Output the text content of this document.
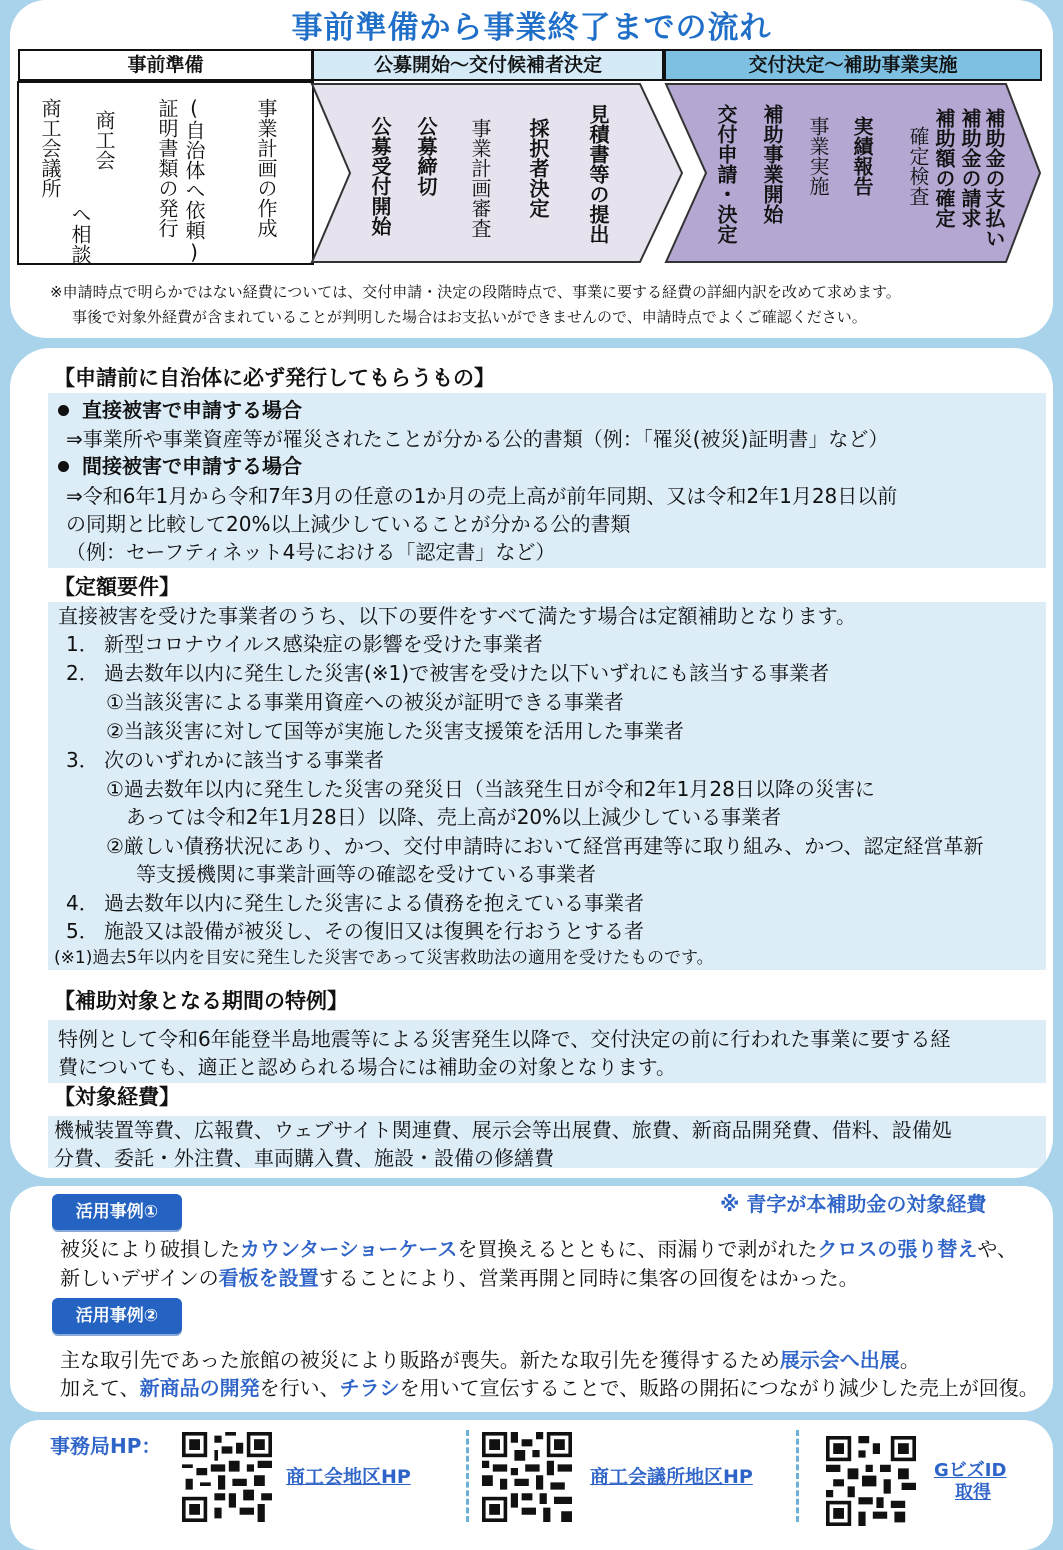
事前準備から事業終了までの流れ
事前準備	公募開始～交付候補者決定	交付決定～補助事業実施
商工会議所 商工会
へ相談	(自治体へ依頼)
証明書類の発行	事業計画の作成	公募受付開始 公募締切 事業計画審査 採択者決定 見積書等の提出	交付申請・決定 補助事業開始 事業実施 実績報告 確定検査 補助額の確定 補助金の請求 補助金の支払い
※申請時点で明らかではない経費については、交付申請・決定の段階時点で、事業に要する経費の詳細内訳を改めて求めます。
事後で対象外経費が含まれていることが判明した場合はお支払いができませんので、申請時点でよくご確認ください。
【申請前に自治体に必ず発行してもらうもの】
直接被害で申請する場合
⇒事業所や事業資産等が罹災されたことが分かる公的書類（例：「罹災(被災)証明書」など）
間接被害で申請する場合
⇒令和6年1月から令和7年3月の任意の1か月の売上高が前年同期、又は令和2年1月28日以前
の同期と比較して20%以上減少していることが分かる公的書類
（例：セーフティネット4号における「認定書」など）
【定額要件】
直接被害を受けた事業者のうち、以下の要件をすべて満たす場合は定額補助となります。
1． 新型コロナウイルス感染症の影響を受けた事業者
2． 過去数年以内に発生した災害(※1)で被害を受けた以下いずれにも該当する事業者
①当該災害による事業用資産への被災が証明できる事業者
②当該災害に対して国等が実施した災害支援策を活用した事業者
3． 次のいずれかに該当する事業者
①過去数年以内に発生した災害の発災日（当該発生日が令和2年1月28日以降の災害に
あっては令和2年1月28日）以降、売上高が20%以上減少している事業者
②厳しい債務状況にあり、かつ、交付申請時において経営再建等に取り組み、かつ、認定経営革新
等支援機関に事業計画等の確認を受けている事業者
4． 過去数年以内に発生した災害による債務を抱えている事業者
5． 施設又は設備が被災し、その復旧又は復興を行おうとする者
(※1)過去5年以内を目安に発生した災害であって災害救助法の適用を受けたものです。
【補助対象となる期間の特例】
特例として令和6年能登半島地震等による災害発生以降で、交付決定の前に行われた事業に要する経
費についても、適正と認められる場合には補助金の対象となります。
【対象経費】
機械装置等費、広報費、ウェブサイト関連費、展示会等出展費、旅費、新商品開発費、借料、設備処
分費、委託・外注費、車両購入費、施設・設備の修繕費
※ 青字が本補助金の対象経費
活用事例①
被災により破損したカウンターショーケースを買換えるとともに、雨漏りで剥がれたクロスの張り替えや、
新しいデザインの看板を設置することにより、営業再開と同時に集客の回復をはかった。
活用事例②
主な取引先であった旅館の被災により販路が喪失。新たな取引先を獲得するため展示会へ出展。
加えて、新商品の開発を行い、チラシを用いて宣伝することで、販路の開拓につながり減少した売上が回復。
事務局HP：
商工会地区HP	商工会議所地区HP	GビズID
取得
